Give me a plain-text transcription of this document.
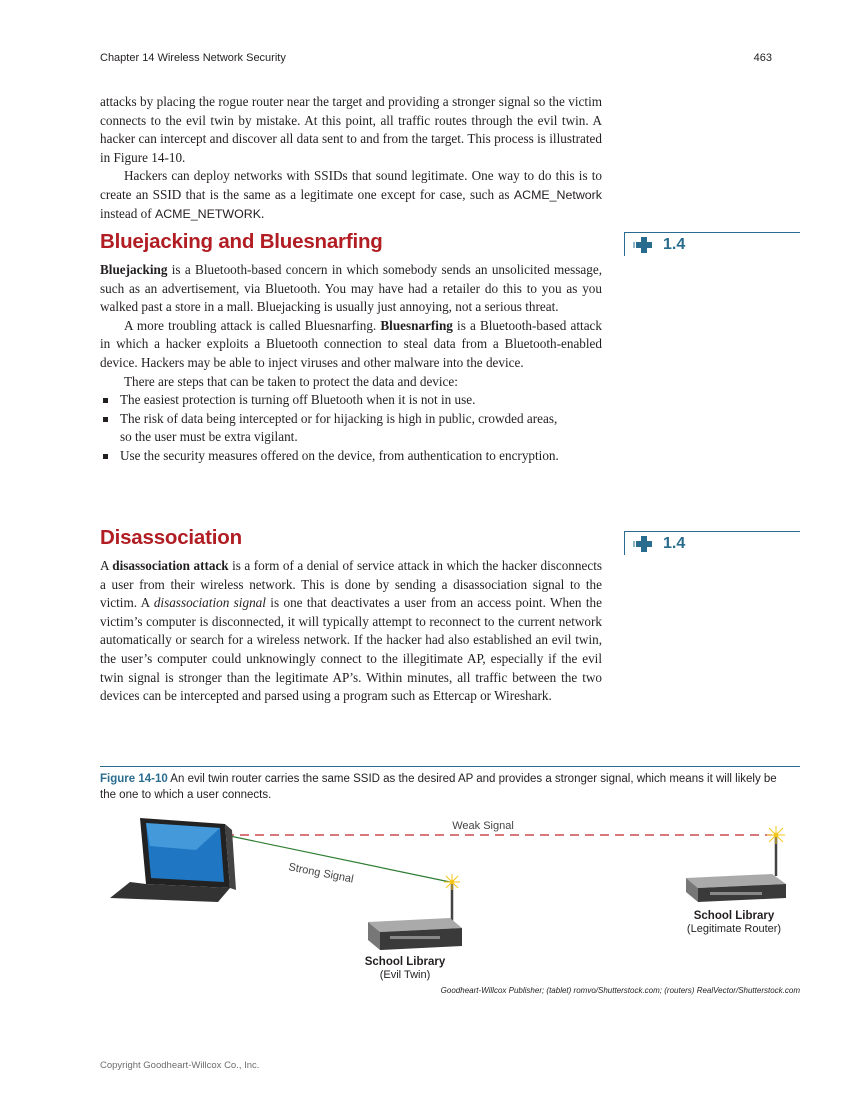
Chapter 14 Wireless Network Security	463

attacks by placing the rogue router near the target and providing a stronger signal so the victim connects to the evil twin by mistake. At this point, all traffic routes through the evil twin. A hacker can intercept and discover all data sent to and from the target. This process is illustrated in Figure 14-10.

Hackers can deploy networks with SSIDs that sound legitimate. One way to do this is to create an SSID that is the same as a legitimate one except for case, such as ACME_Network instead of ACME_NETWORK.

Bluejacking and Bluesnarfing	1.4

Bluejacking is a Bluetooth-based concern in which somebody sends an unsolicited message, such as an advertisement, via Bluetooth. You may have had a retailer do this to you as you walked past a store in a mall. Bluejacking is usually just annoying, not a serious threat.

A more troubling attack is called Bluesnarfing. Bluesnarfing is a Bluetooth-based attack in which a hacker exploits a Bluetooth connection to steal data from a Bluetooth-enabled device. Hackers may be able to inject viruses and other malware into the device.

There are steps that can be taken to protect the data and device:

The easiest protection is turning off Bluetooth when it is not in use.
The risk of data being intercepted or for hijacking is high in public, crowded areas, so the user must be extra vigilant.
Use the security measures offered on the device, from authentication to encryption.
Disassociation	1.4

A disassociation attack is a form of a denial of service attack in which the hacker disconnects a user from their wireless network. This is done by sending a disassociation signal to the victim. A disassociation signal is one that deactivates a user from an access point. When the victim’s computer is disconnected, it will typically attempt to reconnect to the current network automatically or search for a wireless network. If the hacker had also established an evil twin, the user’s computer could unknowingly connect to the illegitimate AP, especially if the evil twin signal is stronger than the legitimate AP’s. Within minutes, all traffic between the two devices can be intercepted and parsed using a program such as Ettercap or Wireshark.

Figure 14-10 An evil twin router carries the same SSID as the desired AP and provides a stronger signal, which means it will likely be the one to which a user connects.
Weak Signal
Strong Signal
School Library
(Legitimate Router)
School Library
(Evil Twin)
Goodheart-Willcox Publisher; (tablet) romvo/Shutterstock.com; (routers) RealVector/Shutterstock.com
Copyright Goodheart-Willcox Co., Inc.
